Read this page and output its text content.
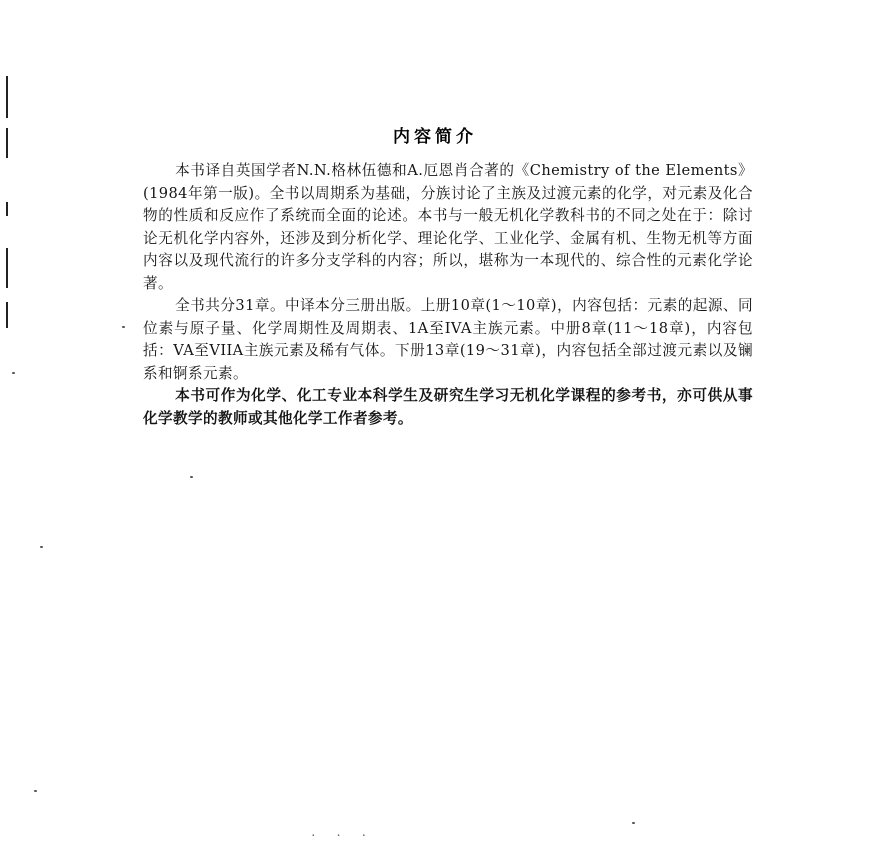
内容简介

本书译自英国学者N.N.格林伍德和A.厄恩肖合著的《Chemistry of the Elements》(1984年第一版)。全书以周期系为基础，分族讨论了主族及过渡元素的化学，对元素及化合物的性质和反应作了系统而全面的论述。本书与一般无机化学教科书的不同之处在于：除讨论无机化学内容外，还涉及到分析化学、理论化学、工业化学、金属有机、生物无机等方面内容以及现代流行的许多分支学科的内容；所以，堪称为一本现代的、综合性的元素化学论著。

全书共分31章。中译本分三册出版。上册10章(1～10章)，内容包括：元素的起源、同位素与原子量、化学周期性及周期表、1A至IVA主族元素。中册8章(11～18章)，内容包括：VA至VIIA主族元素及稀有气体。下册13章(19～31章)，内容包括全部过渡元素以及镧系和锕系元素。

本书可作为化学、化工专业本科学生及研究生学习无机化学课程的参考书，亦可供从事化学教学的教师或其他化学工作者参考。

. . .
